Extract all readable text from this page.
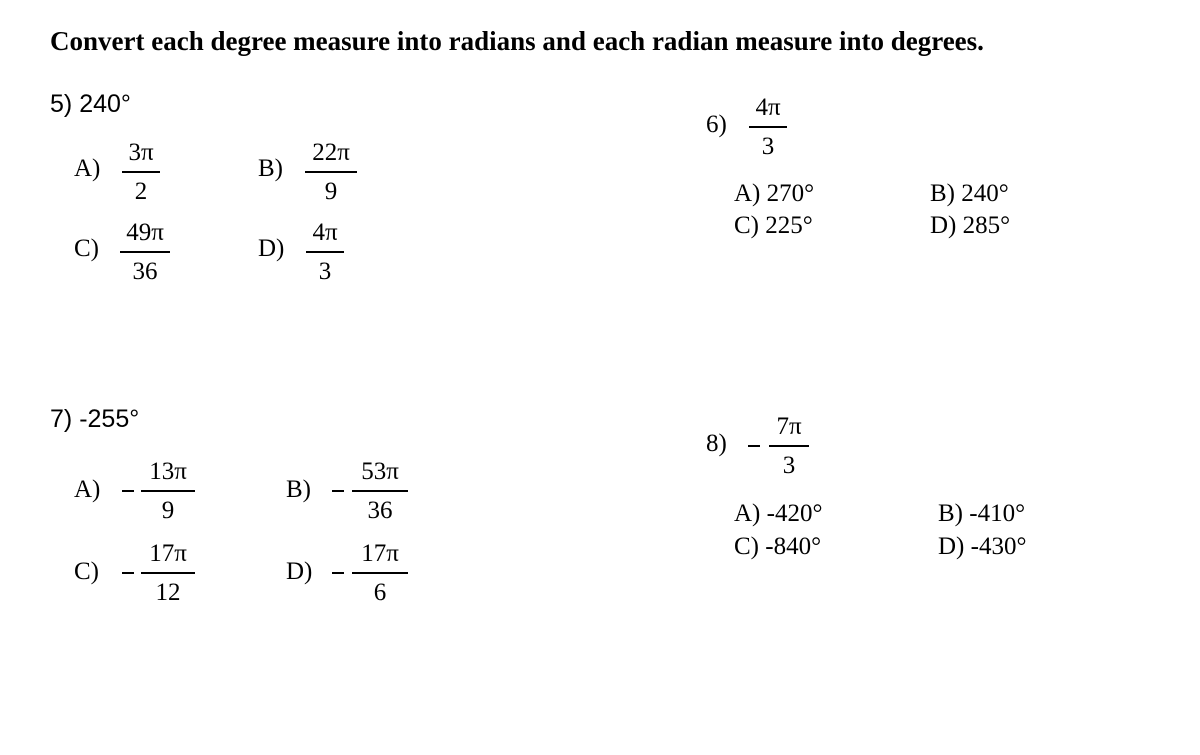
Convert each degree measure into radians and each radian measure into degrees.
5) 240°
A)
3π
2
B)
22π
9
C)
49π
36
D)
4π
3
6)
4π
3
A) 270°	B) 240°
C) 225°	D) 285°
7) -255°
A)
13π
9
B)
53π
36
C)
17π
12
D)
17π
6
8)
7π
3
A) -420°	B) -410°
C) -840°	D) -430°
